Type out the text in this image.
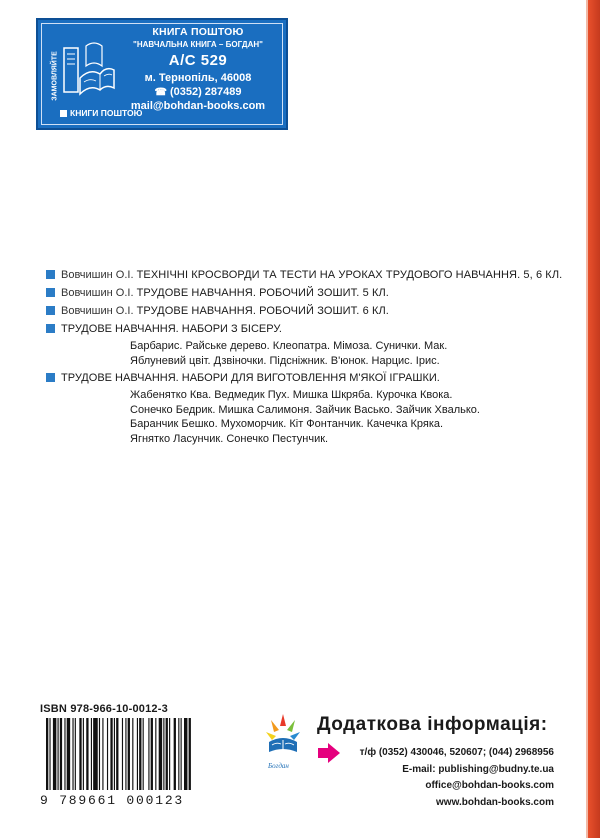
ЗАМОВЛЯЙТЕ
КНИГИ ПОШТОЮ
КНИГА ПОШТОЮ
"НАВЧАЛЬНА КНИГА – БОГДАН"
А/С 529
м. Тернопіль, 46008
☎ (0352) 287489
mail@bohdan-books.com
Вовчишин О.І. ТЕХНІЧНІ КРОСВОРДИ ТА ТЕСТИ НА УРОКАХ ТРУДОВОГО НАВЧАННЯ. 5, 6 КЛ.
Вовчишин О.І. ТРУДОВЕ НАВЧАННЯ. РОБОЧИЙ ЗОШИТ. 5 КЛ.
Вовчишин О.І. ТРУДОВЕ НАВЧАННЯ. РОБОЧИЙ ЗОШИТ. 6 КЛ.
ТРУДОВЕ НАВЧАННЯ. НАБОРИ З БІСЕРУ.
Барбарис. Райське дерево. Клеопатра. Мімоза. Сунички. Мак.
Яблуневий цвіт. Дзвіночки. Підсніжник. В'юнок. Нарцис. Ірис.
ТРУДОВЕ НАВЧАННЯ. НАБОРИ ДЛЯ ВИГОТОВЛЕННЯ М'ЯКОЇ ІГРАШКИ.
Жабенятко Ква. Ведмедик Пух. Мишка Шкряба. Курочка Квока.
Сонечко Бедрик. Мишка Салимоня. Зайчик Васько. Зайчик Хвалько.
Баранчик Бешко. Мухоморчик. Кіт Фонтанчик. Качечка Кряка.
Ягнятко Ласунчик. Сонечко Пестунчик.
ISBN 978-966-10-0012-3
9 789661 000123
Богдан
Додаткова інформація:
т/ф (0352) 430046, 520607; (044) 2968956
E-mail: publishing@budny.te.ua
office@bohdan-books.com
www.bohdan-books.com
